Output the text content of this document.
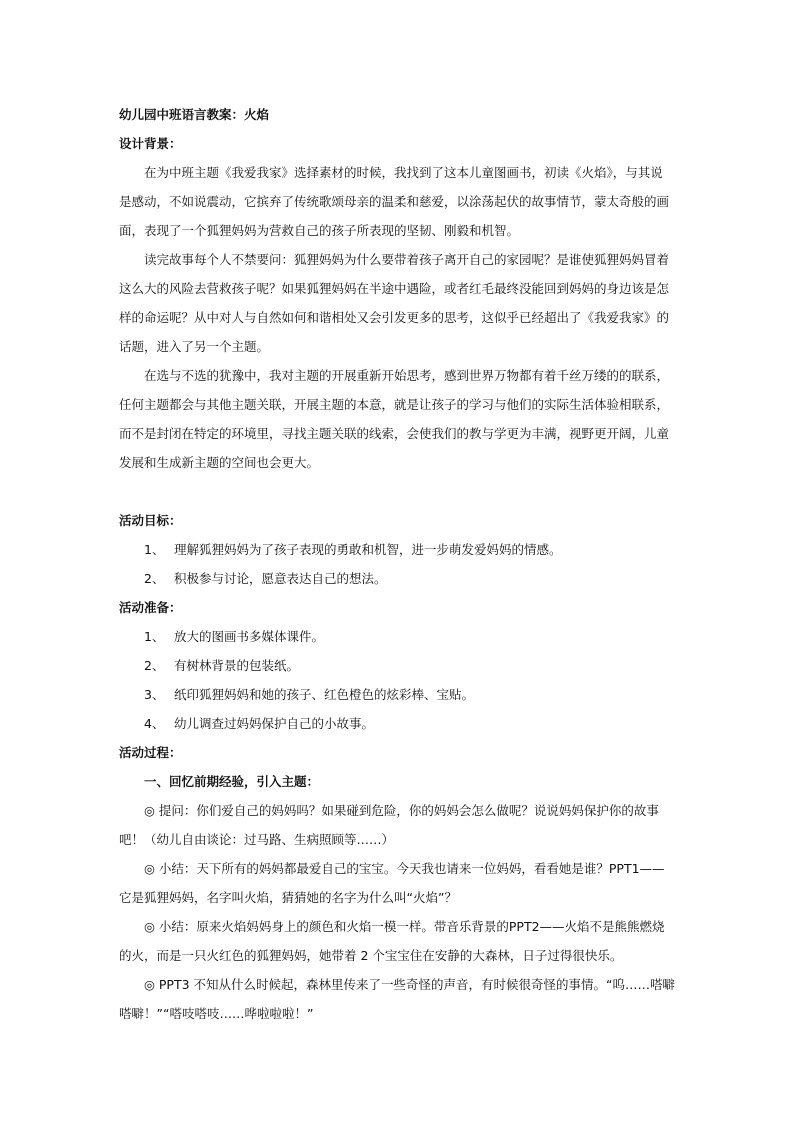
幼儿园中班语言教案：火焰

设计背景：

在为中班主题《我爱我家》选择素材的时候，我找到了这本儿童图画书，初读《火焰》，与其说是感动，不如说震动，它摈弃了传统歌颂母亲的温柔和慈爱，以涂荡起伏的故事情节，蒙太奇般的画面，表现了一个狐狸妈妈为营救自己的孩子所表现的坚韧、刚毅和机智。

读完故事每个人不禁要问：狐狸妈妈为什么要带着孩子离开自己的家园呢？是谁使狐狸妈妈冒着这么大的风险去营救孩子呢？如果狐狸妈妈在半途中遇险，或者红毛最终没能回到妈妈的身边该是怎样的命运呢？从中对人与自然如何和谐相处又会引发更多的思考，这似乎已经超出了《我爱我家》的话题，进入了另一个主题。

在选与不选的犹豫中，我对主题的开展重新开始思考，感到世界万物都有着千丝万缕的的联系，任何主题都会与其他主题关联，开展主题的本意，就是让孩子的学习与他们的实际生活体验相联系，而不是封闭在特定的环境里，寻找主题关联的线索，会使我们的教与学更为丰满，视野更开阔，儿童发展和生成新主题的空间也会更大。

活动目标：

1、 理解狐狸妈妈为了孩子表现的勇敢和机智，进一步萌发爱妈妈的情感。

2、 积极参与讨论，愿意表达自己的想法。

活动准备：

1、 放大的图画书多媒体课件。

2、 有树林背景的包装纸。

3、 纸印狐狸妈妈和她的孩子、红色橙色的炫彩棒、宝贴。

4、 幼儿调查过妈妈保护自己的小故事。

活动过程：

一、回忆前期经验，引入主题：

◎ 提问：你们爱自己的妈妈吗？如果碰到危险，你的妈妈会怎么做呢？说说妈妈保护你的故事吧！（幼儿自由谈论：过马路、生病照顾等……）

◎ 小结：天下所有的妈妈都最爱自己的宝宝。今天我也请来一位妈妈，看看她是谁？PPT1——它是狐狸妈妈，名字叫火焰，猜猜她的名字为什么叫“火焰”？

◎ 小结：原来火焰妈妈身上的颜色和火焰一模一样。带音乐背景的PPT2——火焰不是熊熊燃烧的火，而是一只火红色的狐狸妈妈，她带着 2 个宝宝住在安静的大森林，日子过得很快乐。

◎ PPT3 不知从什么时候起，森林里传来了一些奇怪的声音，有时候很奇怪的事情。“呜……嗒噼嗒噼！”“嗒吱嗒吱……哗啦啦啦！”
